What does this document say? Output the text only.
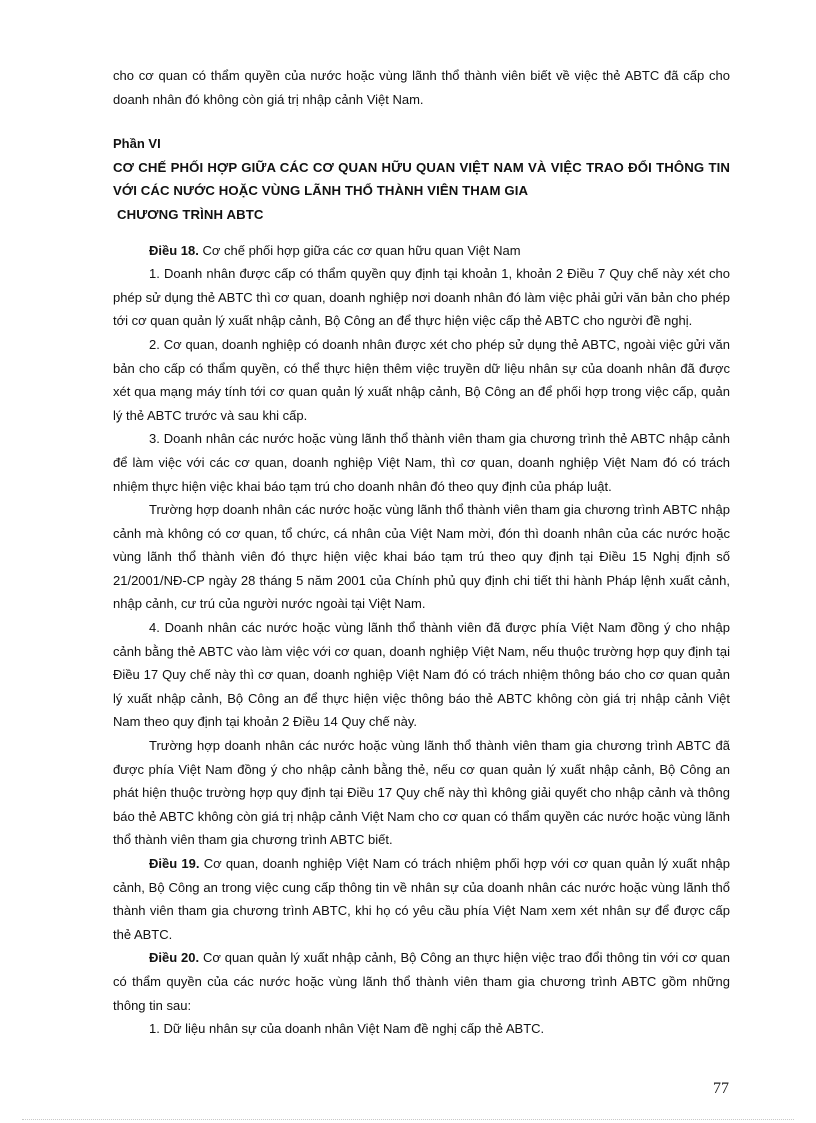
cho cơ quan có thẩm quyền của nước hoặc vùng lãnh thổ thành viên biết về việc thẻ ABTC đã cấp cho doanh nhân đó không còn giá trị nhập cảnh Việt Nam.

Phần VI
CƠ CHẾ PHỐI HỢP GIỮA CÁC CƠ QUAN HỮU QUAN VIỆT NAM VÀ VIỆC TRAO ĐỔI THÔNG TIN VỚI CÁC NƯỚC HOẶC VÙNG LÃNH THỔ THÀNH VIÊN THAM GIA
CHƯƠNG TRÌNH ABTC

Điều 18. Cơ chế phối hợp giữa các cơ quan hữu quan Việt Nam

1. Doanh nhân được cấp có thẩm quyền quy định tại khoản 1, khoản 2 Điều 7 Quy chế này xét cho phép sử dụng thẻ ABTC thì cơ quan, doanh nghiệp nơi doanh nhân đó làm việc phải gửi văn bản cho phép tới cơ quan quản lý xuất nhập cảnh, Bộ Công an để thực hiện việc cấp thẻ ABTC cho người đề nghị.

2. Cơ quan, doanh nghiệp có doanh nhân được xét cho phép sử dụng thẻ ABTC, ngoài việc gửi văn bản cho cấp có thẩm quyền, có thể thực hiện thêm việc truyền dữ liệu nhân sự của doanh nhân đã được xét qua mạng máy tính tới cơ quan quản lý xuất nhập cảnh, Bộ Công an để phối hợp trong việc cấp, quản lý thẻ ABTC trước và sau khi cấp.

3. Doanh nhân các nước hoặc vùng lãnh thổ thành viên tham gia chương trình thẻ ABTC nhập cảnh để làm việc với các cơ quan, doanh nghiệp Việt Nam, thì cơ quan, doanh nghiệp Việt Nam đó có trách nhiệm thực hiện việc khai báo tạm trú cho doanh nhân đó theo quy định của pháp luật.

Trường hợp doanh nhân các nước hoặc vùng lãnh thổ thành viên tham gia chương trình ABTC nhập cảnh mà không có cơ quan, tổ chức, cá nhân của Việt Nam mời, đón thì doanh nhân của các nước hoặc vùng lãnh thổ thành viên đó thực hiện việc khai báo tạm trú theo quy định tại Điều 15 Nghị định số 21/2001/NĐ-CP ngày 28 tháng 5 năm 2001 của Chính phủ quy định chi tiết thi hành Pháp lệnh xuất cảnh, nhập cảnh, cư trú của người nước ngoài tại Việt Nam.

4. Doanh nhân các nước hoặc vùng lãnh thổ thành viên đã được phía Việt Nam đồng ý cho nhập cảnh bằng thẻ ABTC vào làm việc với cơ quan, doanh nghiệp Việt Nam, nếu thuộc trường hợp quy định tại Điều 17 Quy chế này thì cơ quan, doanh nghiệp Việt Nam đó có trách nhiệm thông báo cho cơ quan quản lý xuất nhập cảnh, Bộ Công an để thực hiện việc thông báo thẻ ABTC không còn giá trị nhập cảnh Việt Nam theo quy định tại khoản 2 Điều 14 Quy chế này.

Trường hợp doanh nhân các nước hoặc vùng lãnh thổ thành viên tham gia chương trình ABTC đã được phía Việt Nam đồng ý cho nhập cảnh bằng thẻ, nếu cơ quan quản lý xuất nhập cảnh, Bộ Công an phát hiện thuộc trường hợp quy định tại Điều 17 Quy chế này thì không giải quyết cho nhập cảnh và thông báo thẻ ABTC không còn giá trị nhập cảnh Việt Nam cho cơ quan có thẩm quyền các nước hoặc vùng lãnh thổ thành viên tham gia chương trình ABTC biết.

Điều 19. Cơ quan, doanh nghiệp Việt Nam có trách nhiệm phối hợp với cơ quan quản lý xuất nhập cảnh, Bộ Công an trong việc cung cấp thông tin về nhân sự của doanh nhân các nước hoặc vùng lãnh thổ thành viên tham gia chương trình ABTC, khi họ có yêu cầu phía Việt Nam xem xét nhân sự để được cấp thẻ ABTC.

Điều 20. Cơ quan quản lý xuất nhập cảnh, Bộ Công an thực hiện việc trao đổi thông tin với cơ quan có thẩm quyền của các nước hoặc vùng lãnh thổ thành viên tham gia chương trình ABTC gồm những thông tin sau:

1. Dữ liệu nhân sự của doanh nhân Việt Nam đề nghị cấp thẻ ABTC.

77
